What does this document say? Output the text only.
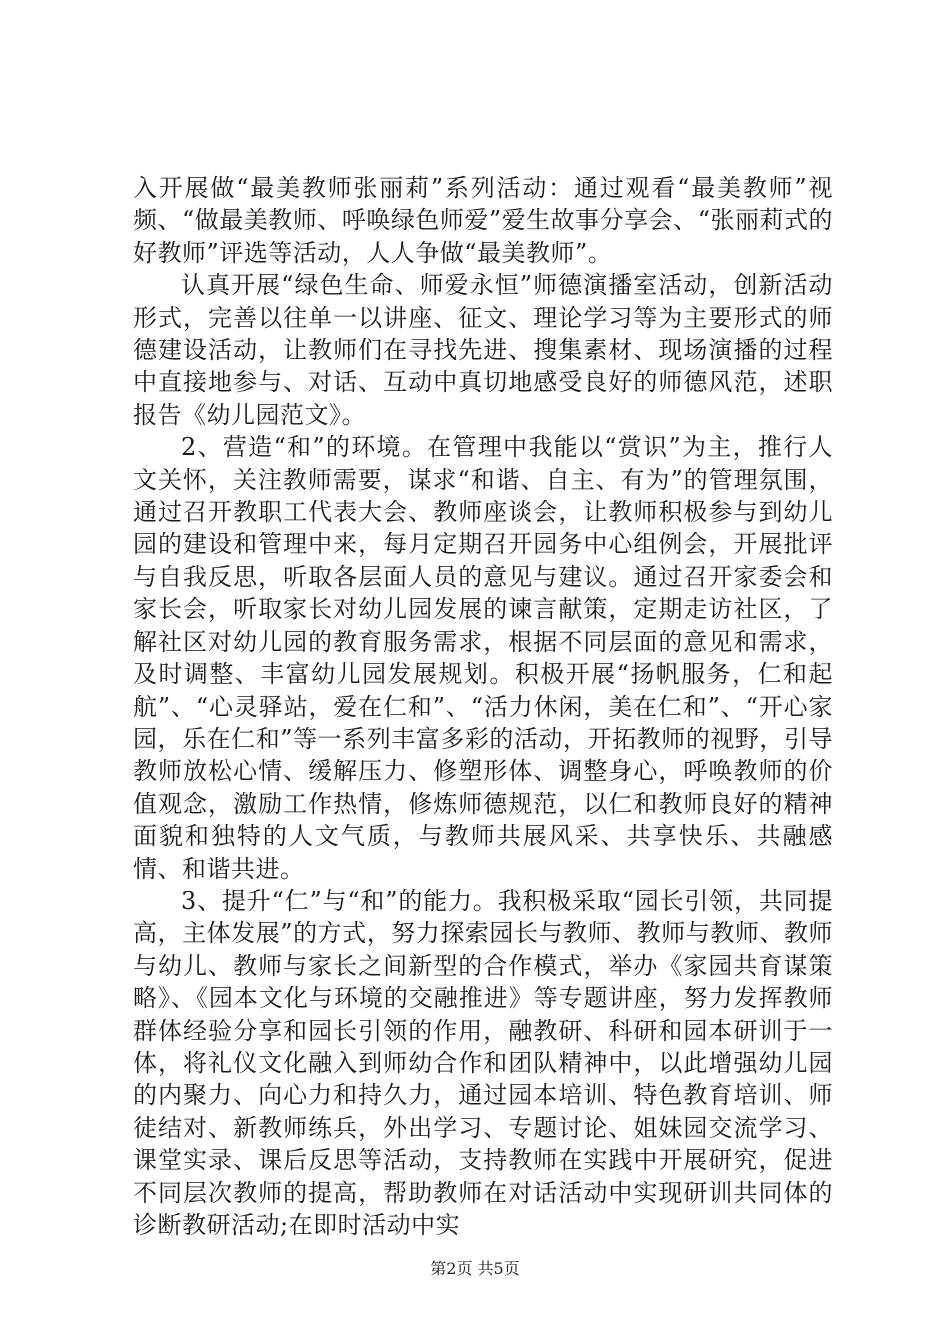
入开展做“最美教师张丽莉”系列活动：通过观看“最美教师”视频、“做最美教师、呼唤绿色师爱”爱生故事分享会、“张丽莉式的好教师”评选等活动，人人争做“最美教师”。

认真开展“绿色生命、师爱永恒”师德演播室活动，创新活动形式，完善以往单一以讲座、征文、理论学习等为主要形式的师德建设活动，让教师们在寻找先进、搜集素材、现场演播的过程中直接地参与、对话、互动中真切地感受良好的师德风范，述职报告《幼儿园范文》。

2、营造“和”的环境。在管理中我能以“赏识”为主，推行人文关怀，关注教师需要，谋求“和谐、自主、有为”的管理氛围，通过召开教职工代表大会、教师座谈会，让教师积极参与到幼儿园的建设和管理中来，每月定期召开园务中心组例会，开展批评与自我反思，听取各层面人员的意见与建议。通过召开家委会和家长会，听取家长对幼儿园发展的谏言献策，定期走访社区，了解社区对幼儿园的教育服务需求，根据不同层面的意见和需求，及时调整、丰富幼儿园发展规划。积极开展“扬帆服务，仁和起航”、“心灵驿站，爱在仁和”、“活力休闲，美在仁和”、“开心家园，乐在仁和”等一系列丰富多彩的活动，开拓教师的视野，引导教师放松心情、缓解压力、修塑形体、调整身心，呼唤教师的价值观念，激励工作热情，修炼师德规范，以仁和教师良好的精神面貌和独特的人文气质，与教师共展风采、共享快乐、共融感情、和谐共进。

3、提升“仁”与“和”的能力。我积极采取“园长引领，共同提高，主体发展”的方式，努力探索园长与教师、教师与教师、教师与幼儿、教师与家长之间新型的合作模式，举办《家园共育谋策略》、《园本文化与环境的交融推进》等专题讲座，努力发挥教师群体经验分享和园长引领的作用，融教研、科研和园本研训于一体，将礼仪文化融入到师幼合作和团队精神中，以此增强幼儿园的内聚力、向心力和持久力，通过园本培训、特色教育培训、师徒结对、新教师练兵，外出学习、专题讨论、姐妹园交流学习、课堂实录、课后反思等活动，支持教师在实践中开展研究，促进不同层次教师的提高，帮助教师在对话活动中实现研训共同体的诊断教研活动;在即时活动中实

第2页 共5页
